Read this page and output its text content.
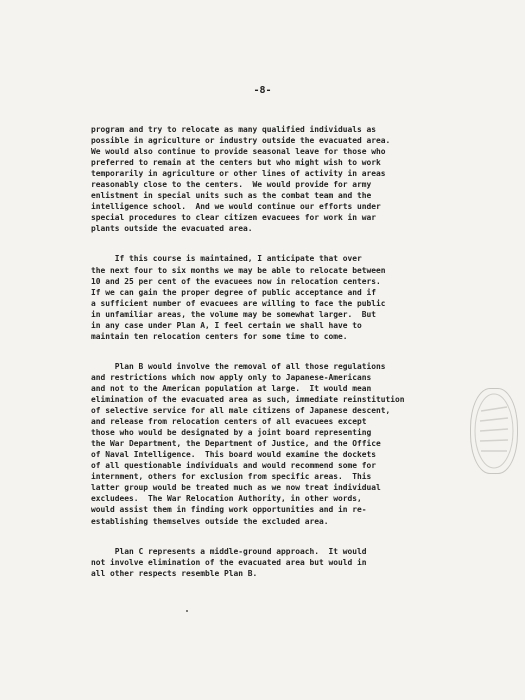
-8-
program and try to relocate as many qualified individuals as
possible in agriculture or industry outside the evacuated area.
We would also continue to provide seasonal leave for those who
preferred to remain at the centers but who might wish to work
temporarily in agriculture or other lines of activity in areas
reasonably close to the centers.  We would provide for army
enlistment in special units such as the combat team and the
intelligence school.  And we would continue our efforts under
special procedures to clear citizen evacuees for work in war
plants outside the evacuated area.
If this course is maintained, I anticipate that over
the next four to six months we may be able to relocate between
10 and 25 per cent of the evacuees now in relocation centers.
If we can gain the proper degree of public acceptance and if
a sufficient number of evacuees are willing to face the public
in unfamiliar areas, the volume may be somewhat larger.  But
in any case under Plan A, I feel certain we shall have to
maintain ten relocation centers for some time to come.
Plan B would involve the removal of all those regulations
and restrictions which now apply only to Japanese-Americans
and not to the American population at large.  It would mean
elimination of the evacuated area as such, immediate reinstitution
of selective service for all male citizens of Japanese descent,
and release from relocation centers of all evacuees except
those who would be designated by a joint board representing
the War Department, the Department of Justice, and the Office
of Naval Intelligence.  This board would examine the dockets
of all questionable individuals and would recommend some for
internment, others for exclusion from specific areas.  This
latter group would be treated much as we now treat individual
excludees.  The War Relocation Authority, in other words,
would assist them in finding work opportunities and in re-
establishing themselves outside the excluded area.
Plan C represents a middle-ground approach.  It would
not involve elimination of the evacuated area but would in
all other respects resemble Plan B.
